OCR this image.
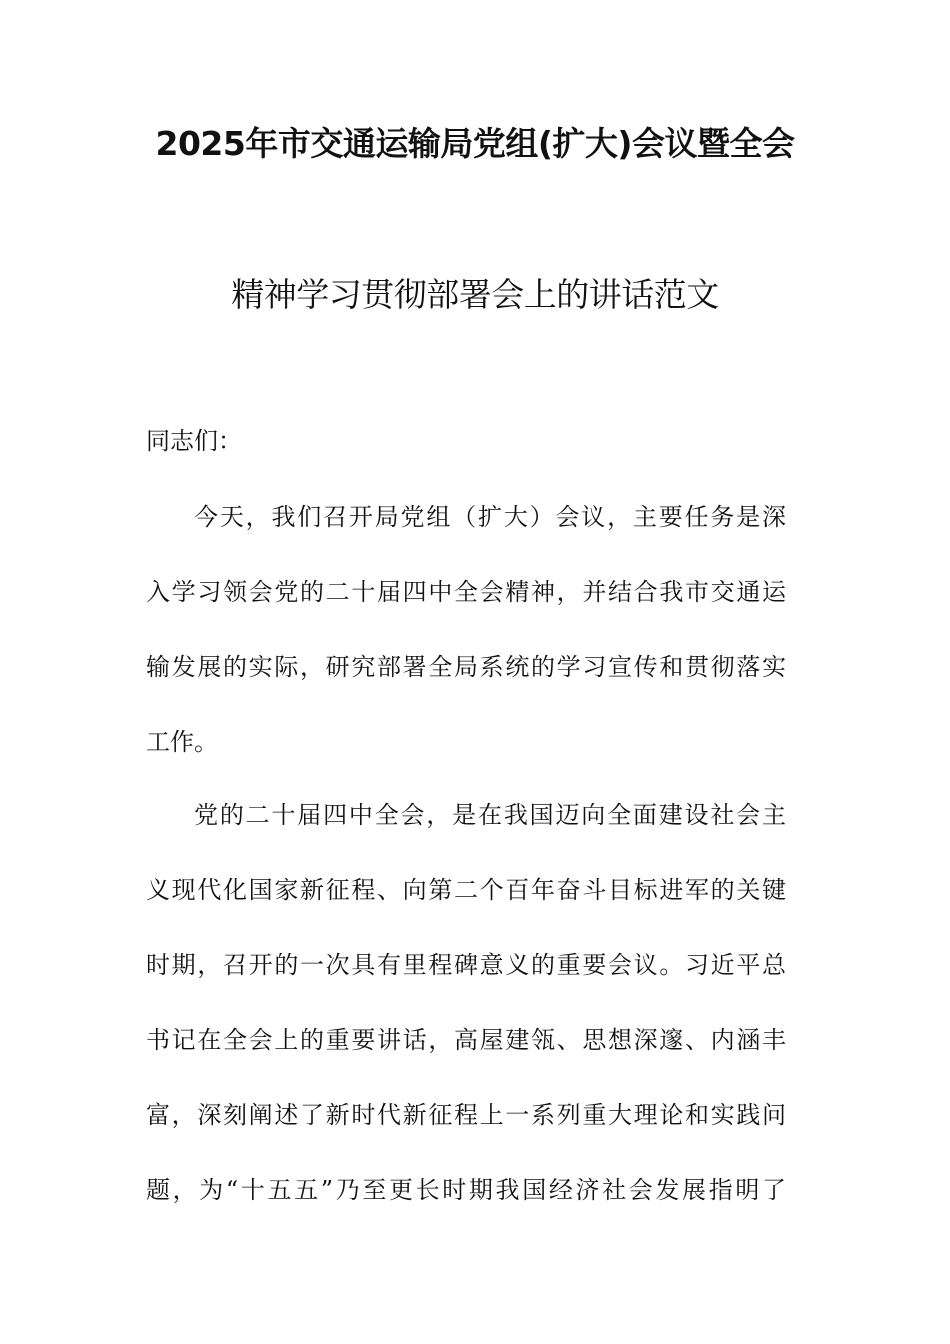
2025年市交通运输局党组(扩大)会议暨全会
精神学习贯彻部署会上的讲话范文
同志们：
今天，我们召开局党组（扩大）会议，主要任务是深
入学习领会党的二十届四中全会精神，并结合我市交通运
输发展的实际，研究部署全局系统的学习宣传和贯彻落实
工作。
党的二十届四中全会，是在我国迈向全面建设社会主
义现代化国家新征程、向第二个百年奋斗目标进军的关键
时期，召开的一次具有里程碑意义的重要会议。习近平总
书记在全会上的重要讲话，高屋建瓴、思想深邃、内涵丰
富，深刻阐述了新时代新征程上一系列重大理论和实践问
题，为“十五五”乃至更长时期我国经济社会发展指明了
